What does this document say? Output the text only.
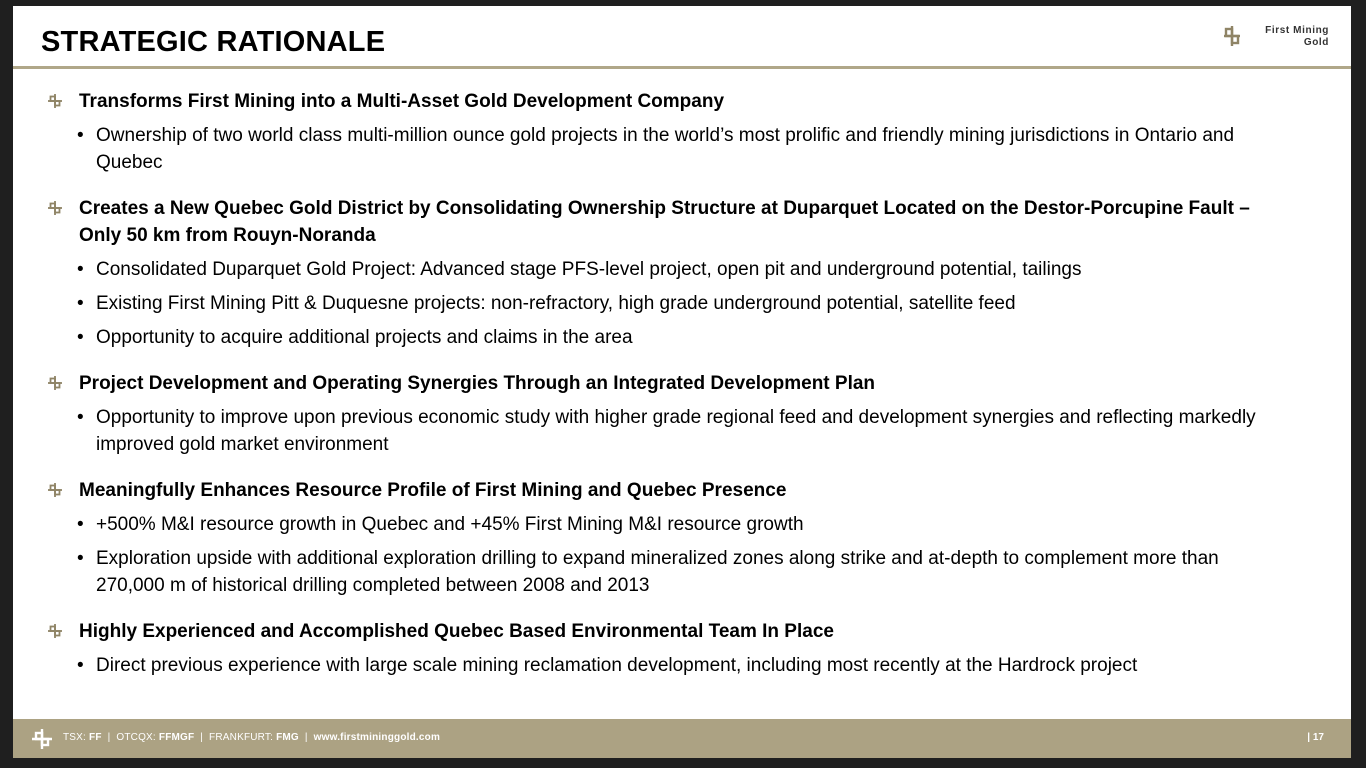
STRATEGIC RATIONALE	First Mining
Gold
Transforms First Mining into a Multi-Asset Gold Development Company
• Ownership of two world class multi-million ounce gold projects in the world’s most prolific and friendly mining jurisdictions in Ontario and Quebec
Creates a New Quebec Gold District by Consolidating Ownership Structure at Duparquet Located on the Destor-Porcupine Fault – Only 50 km from Rouyn-Noranda
• Consolidated Duparquet Gold Project: Advanced stage PFS-level project, open pit and underground potential, tailings
• Existing First Mining Pitt & Duquesne projects: non-refractory, high grade underground potential, satellite feed
• Opportunity to acquire additional projects and claims in the area
Project Development and Operating Synergies Through an Integrated Development Plan
• Opportunity to improve upon previous economic study with higher grade regional feed and development synergies and reflecting markedly improved gold market environment
Meaningfully Enhances Resource Profile of First Mining and Quebec Presence
• +500% M&I resource growth in Quebec and +45% First Mining M&I resource growth
• Exploration upside with additional exploration drilling to expand mineralized zones along strike and at-depth to complement more than 270,000 m of historical drilling completed between 2008 and 2013
Highly Experienced and Accomplished Quebec Based Environmental Team In Place
• Direct previous experience with large scale mining reclamation development, including most recently at the Hardrock project
TSX: FF  |  OTCQX: FFMGF  |  FRANKFURT: FMG  |  www.firstmininggold.com	| 17
